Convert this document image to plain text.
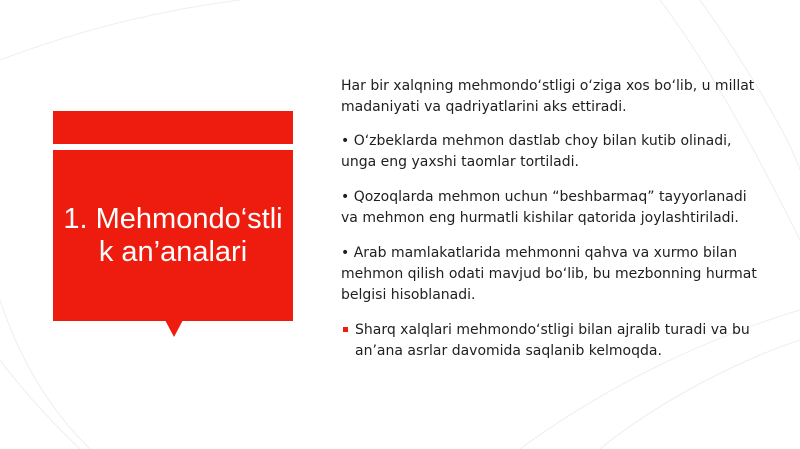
1. Mehmondo‘stlik an’analari

Har bir xalqning mehmondo‘stligi o‘ziga xos bo‘lib, u millat madaniyati va qadriyatlarini aks ettiradi.

• O‘zbeklarda mehmon dastlab choy bilan kutib olinadi, unga eng yaxshi taomlar tortiladi.

• Qozoqlarda mehmon uchun “beshbarmaq” tayyorlanadi va mehmon eng hurmatli kishilar qatorida joylashtiriladi.

• Arab mamlakatlarida mehmonni qahva va xurmo bilan mehmon qilish odati mavjud bo‘lib, bu mezbonning hurmat belgisi hisoblanadi.

Sharq xalqlari mehmondo‘stligi bilan ajralib turadi va bu an’ana asrlar davomida saqlanib kelmoqda.
